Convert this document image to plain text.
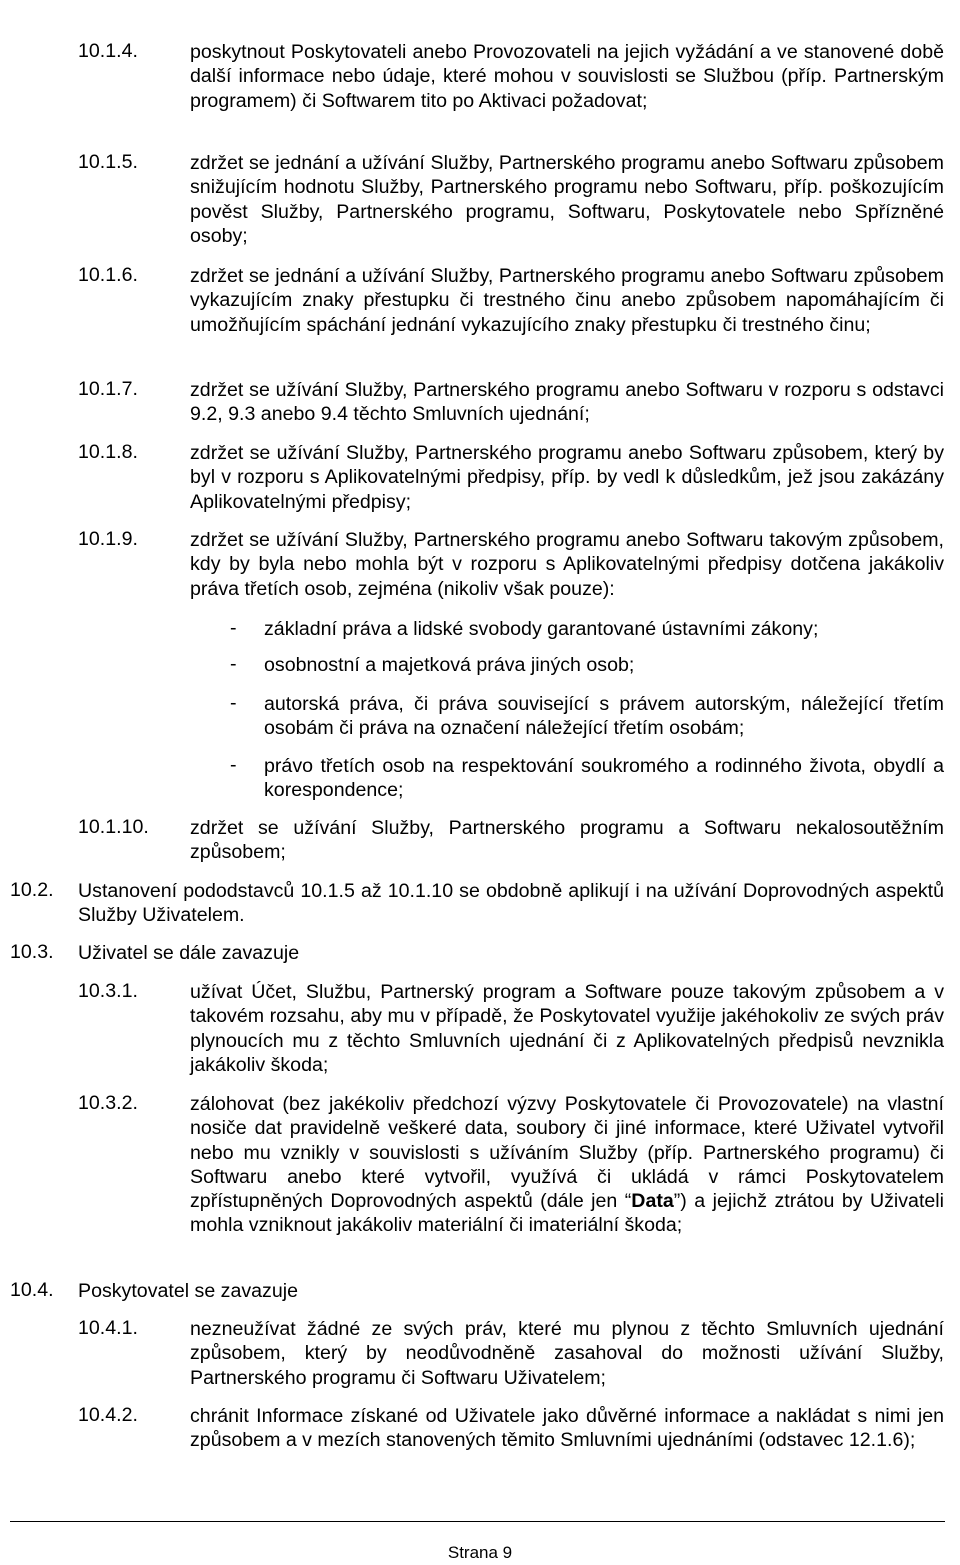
10.1.4.	poskytnout Poskytovateli anebo Provozovateli na jejich vyžádání a ve stanovené době další informace nebo údaje, které mohou v souvislosti se Službou (příp. Partnerským programem) či Softwarem tito po Aktivaci požadovat;
10.1.5.	zdržet se jednání a užívání Služby, Partnerského programu anebo Softwaru způsobem snižujícím hodnotu Služby, Partnerského programu nebo Softwaru, příp. poškozujícím pověst Služby, Partnerského programu, Softwaru, Poskytovatele nebo Spřízněné osoby;
10.1.6.	zdržet se jednání a užívání Služby, Partnerského programu anebo Softwaru způsobem vykazujícím znaky přestupku či trestného činu anebo způsobem napomáhajícím či umožňujícím spáchání jednání vykazujícího znaky přestupku či trestného činu;
10.1.7.	zdržet se užívání Služby, Partnerského programu anebo Softwaru v rozporu s odstavci 9.2, 9.3 anebo 9.4 těchto Smluvních ujednání;
10.1.8.	zdržet se užívání Služby, Partnerského programu anebo Softwaru způsobem, který by byl v rozporu s Aplikovatelnými předpisy, příp. by vedl k důsledkům, jež jsou zakázány Aplikovatelnými předpisy;
10.1.9.	zdržet se užívání Služby, Partnerského programu anebo Softwaru takovým způsobem, kdy by byla nebo mohla být v rozporu s Aplikovatelnými předpisy dotčena jakákoliv práva třetích osob, zejména (nikoliv však pouze):
- základní práva a lidské svobody garantované ústavními zákony;
- osobnostní a majetková práva jiných osob;
- autorská práva, či práva související s právem autorským, náležející třetím osobám či práva na označení náležející třetím osobám;
- právo třetích osob na respektování soukromého a rodinného života, obydlí a korespondence;
10.1.10. zdržet se užívání Služby, Partnerského programu a Softwaru nekalosoutěžním způsobem;
10.2. Ustanovení pododstavců 10.1.5 až 10.1.10 se obdobně aplikují i na užívání Doprovodných aspektů Služby Uživatelem.
10.3. Uživatel se dále zavazuje
10.3.1.	užívat Účet, Službu, Partnerský program a Software pouze takovým způsobem a v takovém rozsahu, aby mu v případě, že Poskytovatel využije jakéhokoliv ze svých práv plynoucích mu z těchto Smluvních ujednání či z Aplikovatelných předpisů nevznikla jakákoliv škoda;
10.3.2.	zálohovat (bez jakékoliv předchozí výzvy Poskytovatele či Provozovatele) na vlastní nosiče dat pravidelně veškeré data, soubory či jiné informace, které Uživatel vytvořil nebo mu vznikly v souvislosti s užíváním Služby (příp. Partnerského programu) či Softwaru anebo které vytvořil, využívá či ukládá v rámci Poskytovatelem zpřístupněných Doprovodných aspektů (dále jen “Data”) a jejichž ztrátou by Uživateli mohla vzniknout jakákoliv materiální či imateriální škoda;
10.4. Poskytovatel se zavazuje
10.4.1.	nezneužívat žádné ze svých práv, které mu plynou z těchto Smluvních ujednání způsobem, který by neodůvodněně zasahoval do možnosti užívání Služby, Partnerského programu či Softwaru Uživatelem;
10.4.2.	chránit Informace získané od Uživatele jako důvěrné informace a nakládat s nimi jen způsobem a v mezích stanovených těmito Smluvními ujednáními (odstavec 12.1.6);
Strana 9
